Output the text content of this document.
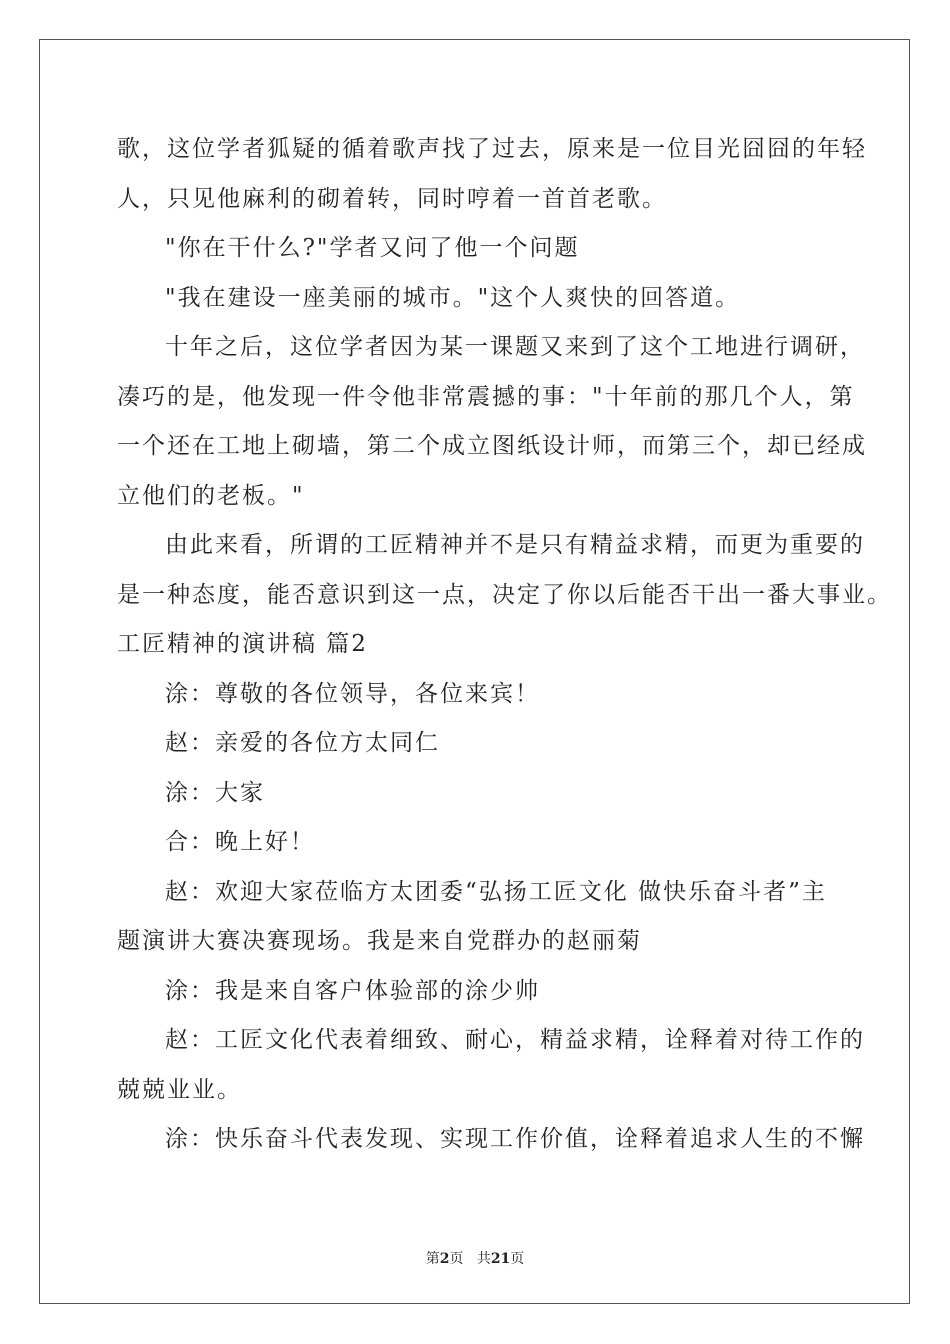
歌，这位学者狐疑的循着歌声找了过去，原来是一位目光囧囧的年轻
人，只见他麻利的砌着转，同时哼着一首首老歌。
"你在干什么?"学者又问了他一个问题
"我在建设一座美丽的城市。"这个人爽快的回答道。
十年之后，这位学者因为某一课题又来到了这个工地进行调研，
凑巧的是，他发现一件令他非常震撼的事："十年前的那几个人，第
一个还在工地上砌墙，第二个成立图纸设计师，而第三个，却已经成
立他们的老板。"
由此来看，所谓的工匠精神并不是只有精益求精，而更为重要的
是一种态度，能否意识到这一点，决定了你以后能否干出一番大事业。
工匠精神的演讲稿 篇2
涂：尊敬的各位领导，各位来宾！
赵：亲爱的各位方太同仁
涂：大家
合：晚上好！
赵：欢迎大家莅临方太团委“弘扬工匠文化 做快乐奋斗者”主
题演讲大赛决赛现场。我是来自党群办的赵丽菊
涂：我是来自客户体验部的涂少帅
赵：工匠文化代表着细致、耐心，精益求精，诠释着对待工作的
兢兢业业。
涂：快乐奋斗代表发现、实现工作价值，诠释着追求人生的不懈
第2页 共21页
